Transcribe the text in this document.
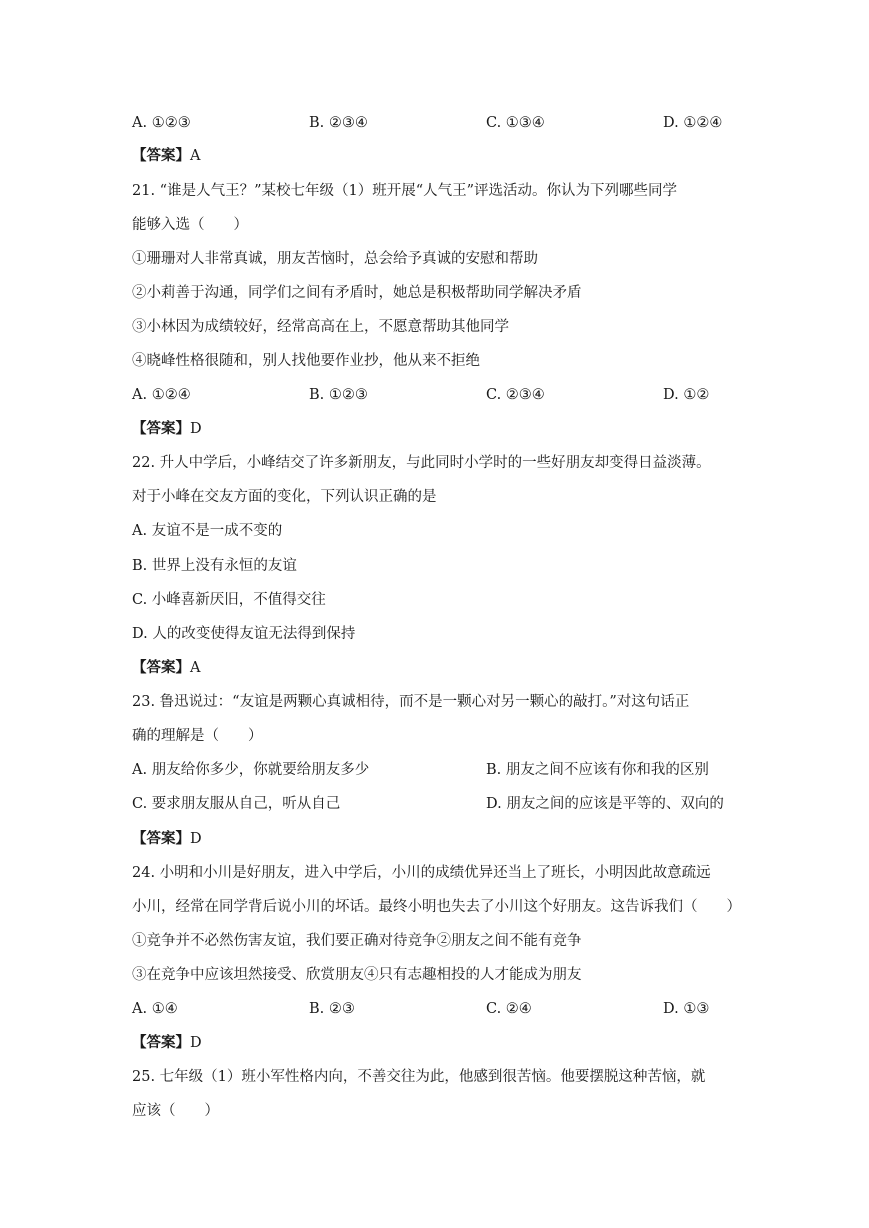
A. ①②③	B. ②③④	C. ①③④	D. ①②④
【答案】A
21. “谁是人气王？”某校七年级（1）班开展“人气王”评选活动。你认为下列哪些同学
能够入选（　　）
①珊珊对人非常真诚，朋友苦恼时，总会给予真诚的安慰和帮助
②小莉善于沟通，同学们之间有矛盾时，她总是积极帮助同学解决矛盾
③小林因为成绩较好，经常高高在上，不愿意帮助其他同学
④晓峰性格很随和，别人找他要作业抄，他从来不拒绝
A. ①②④	B. ①②③	C. ②③④	D. ①②
【答案】D
22. 升人中学后，小峰结交了许多新朋友，与此同时小学时的一些好朋友却变得日益淡薄。
对于小峰在交友方面的变化，下列认识正确的是
A. 友谊不是一成不变的
B. 世界上没有永恒的友谊
C. 小峰喜新厌旧，不值得交往
D. 人的改变使得友谊无法得到保持
【答案】A
23. 鲁迅说过：“友谊是两颗心真诚相待，而不是一颗心对另一颗心的敲打。”对这句话正
确的理解是（　　）
A. 朋友给你多少，你就要给朋友多少	B. 朋友之间不应该有你和我的区别
C. 要求朋友服从自己，听从自己	D. 朋友之间的应该是平等的、双向的
【答案】D
24. 小明和小川是好朋友，进入中学后，小川的成绩优异还当上了班长，小明因此故意疏远
小川，经常在同学背后说小川的坏话。最终小明也失去了小川这个好朋友。这告诉我们（　　）
①竞争并不必然伤害友谊，我们要正确对待竞争②朋友之间不能有竞争
③在竞争中应该坦然接受、欣赏朋友④只有志趣相投的人才能成为朋友
A. ①④	B. ②③	C. ②④	D. ①③
【答案】D
25. 七年级（1）班小军性格内向，不善交往为此，他感到很苦恼。他要摆脱这种苦恼，就
应该（　　）
